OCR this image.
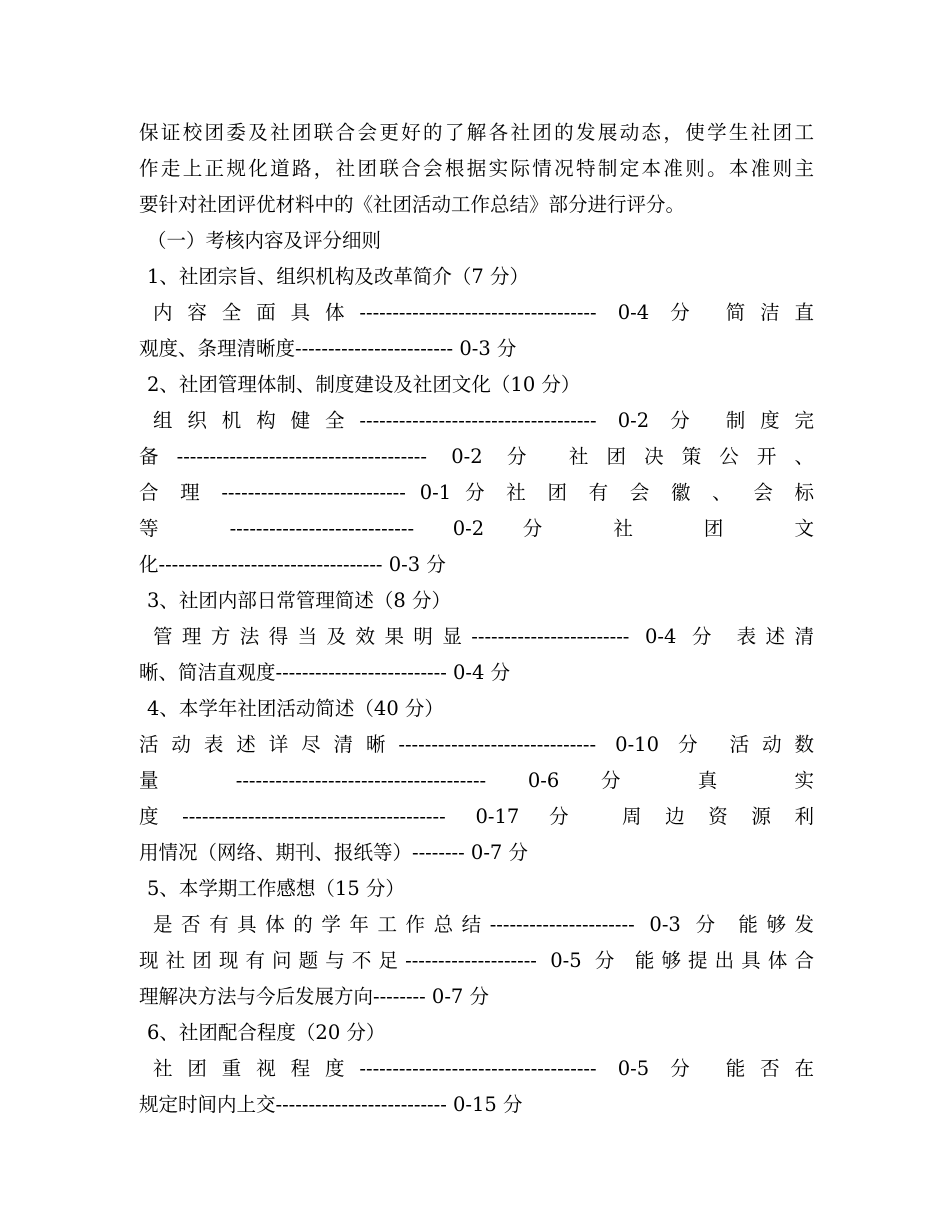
保证校团委及社团联合会更好的了解各社团的发展动态，使学生社团工
作走上正规化道路，社团联合会根据实际情况特制定本准则。本准则主
要针对社团评优材料中的《社团活动工作总结》部分进行评分。
（一）考核内容及评分细则
1、社团宗旨、组织机构及改革简介（7 分）
内容全面具体------------------------------------ 0-4 分 简洁直
观度、条理清晰度------------------------ 0-3 分
2、社团管理体制、制度建设及社团文化（10 分）
组织机构健全------------------------------------ 0-2 分 制度完
备-------------------------------------- 0-2 分 社团决策公开、
合 理 ---------------------------- 0-1 分 社 团 有 会 徽 、 会 标
等 ---------------------------- 0-2 分 社 团 文
化---------------------------------- 0-3 分
3、社团内部日常管理简述（8 分）
管理方法得当及效果明显------------------------ 0-4 分 表述清
晰、简洁直观度-------------------------- 0-4 分
4、本学年社团活动简述（40 分）
活动表述详尽清晰------------------------------ 0-10 分 活动数
量 -------------------------------------- 0-6 分 真 实
度---------------------------------------- 0-17 分 周边资源利
用情况（网络、期刊、报纸等）-------- 0-7 分
5、本学期工作感想（15 分）
是否有具体的学年工作总结---------------------- 0-3 分 能够发
现社团现有问题与不足-------------------- 0-5 分 能够提出具体合
理解决方法与今后发展方向-------- 0-7 分
6、社团配合程度（20 分）
社团重视程度------------------------------------ 0-5 分 能否在
规定时间内上交-------------------------- 0-15 分
